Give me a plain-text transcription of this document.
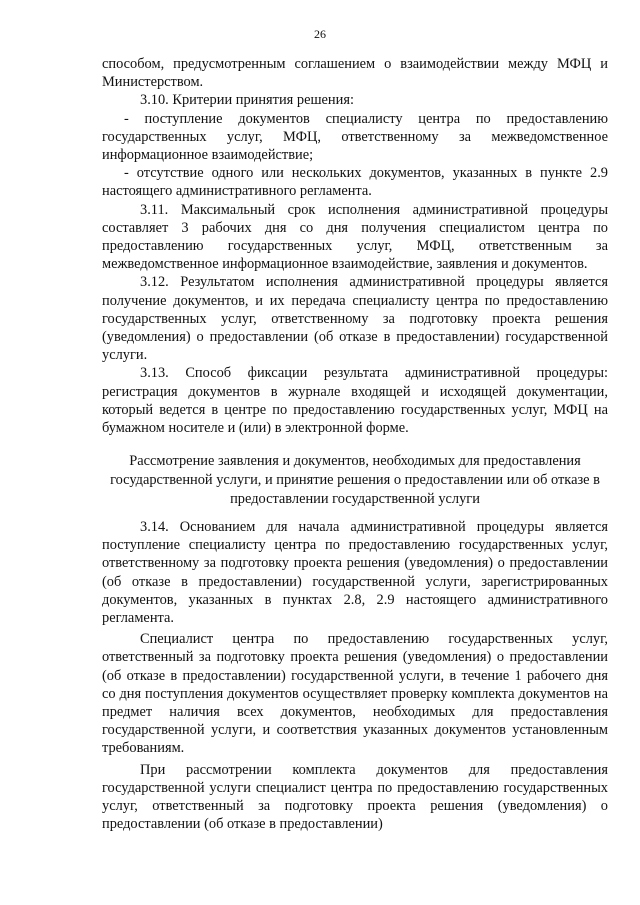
26

способом, предусмотренным соглашением о взаимодействии между МФЦ и Министерством.

3.10. Критерии принятия решения:

- поступление документов специалисту центра по предоставлению государственных услуг, МФЦ, ответственному за межведомственное информационное взаимодействие;

- отсутствие одного или нескольких документов, указанных в пункте 2.9 настоящего административного регламента.

3.11. Максимальный срок исполнения административной процедуры составляет 3 рабочих дня со дня получения специалистом центра по предоставлению государственных услуг, МФЦ, ответственным за межведомственное информационное взаимодействие, заявления и документов.

3.12. Результатом исполнения административной процедуры является получение документов, и их передача специалисту центра по предоставлению государственных услуг, ответственному за подготовку проекта решения (уведомления) о предоставлении (об отказе в предоставлении) государственной услуги.

3.13. Способ фиксации результата административной процедуры: регистрация документов в журнале входящей и исходящей документации, который ведется в центре по предоставлению государственных услуг, МФЦ на бумажном носителе и (или) в электронной форме.

Рассмотрение заявления и документов, необходимых для предоставления государственной услуги, и принятие решения о предоставлении или об отказе в предоставлении государственной услуги

3.14. Основанием для начала административной процедуры является поступление специалисту центра по предоставлению государственных услуг, ответственному за подготовку проекта решения (уведомления) о предоставлении (об отказе в предоставлении) государственной услуги, зарегистрированных документов, указанных в пунктах 2.8, 2.9 настоящего административного регламента.

Специалист центра по предоставлению государственных услуг, ответственный за подготовку проекта решения (уведомления) о предоставлении (об отказе в предоставлении) государственной услуги, в течение 1 рабочего дня со дня поступления документов осуществляет проверку комплекта документов на предмет наличия всех документов, необходимых для предоставления государственной услуги, и соответствия указанных документов установленным требованиям.

При рассмотрении комплекта документов для предоставления государственной услуги специалист центра по предоставлению государственных услуг, ответственный за подготовку проекта решения (уведомления) о предоставлении (об отказе в предоставлении)
